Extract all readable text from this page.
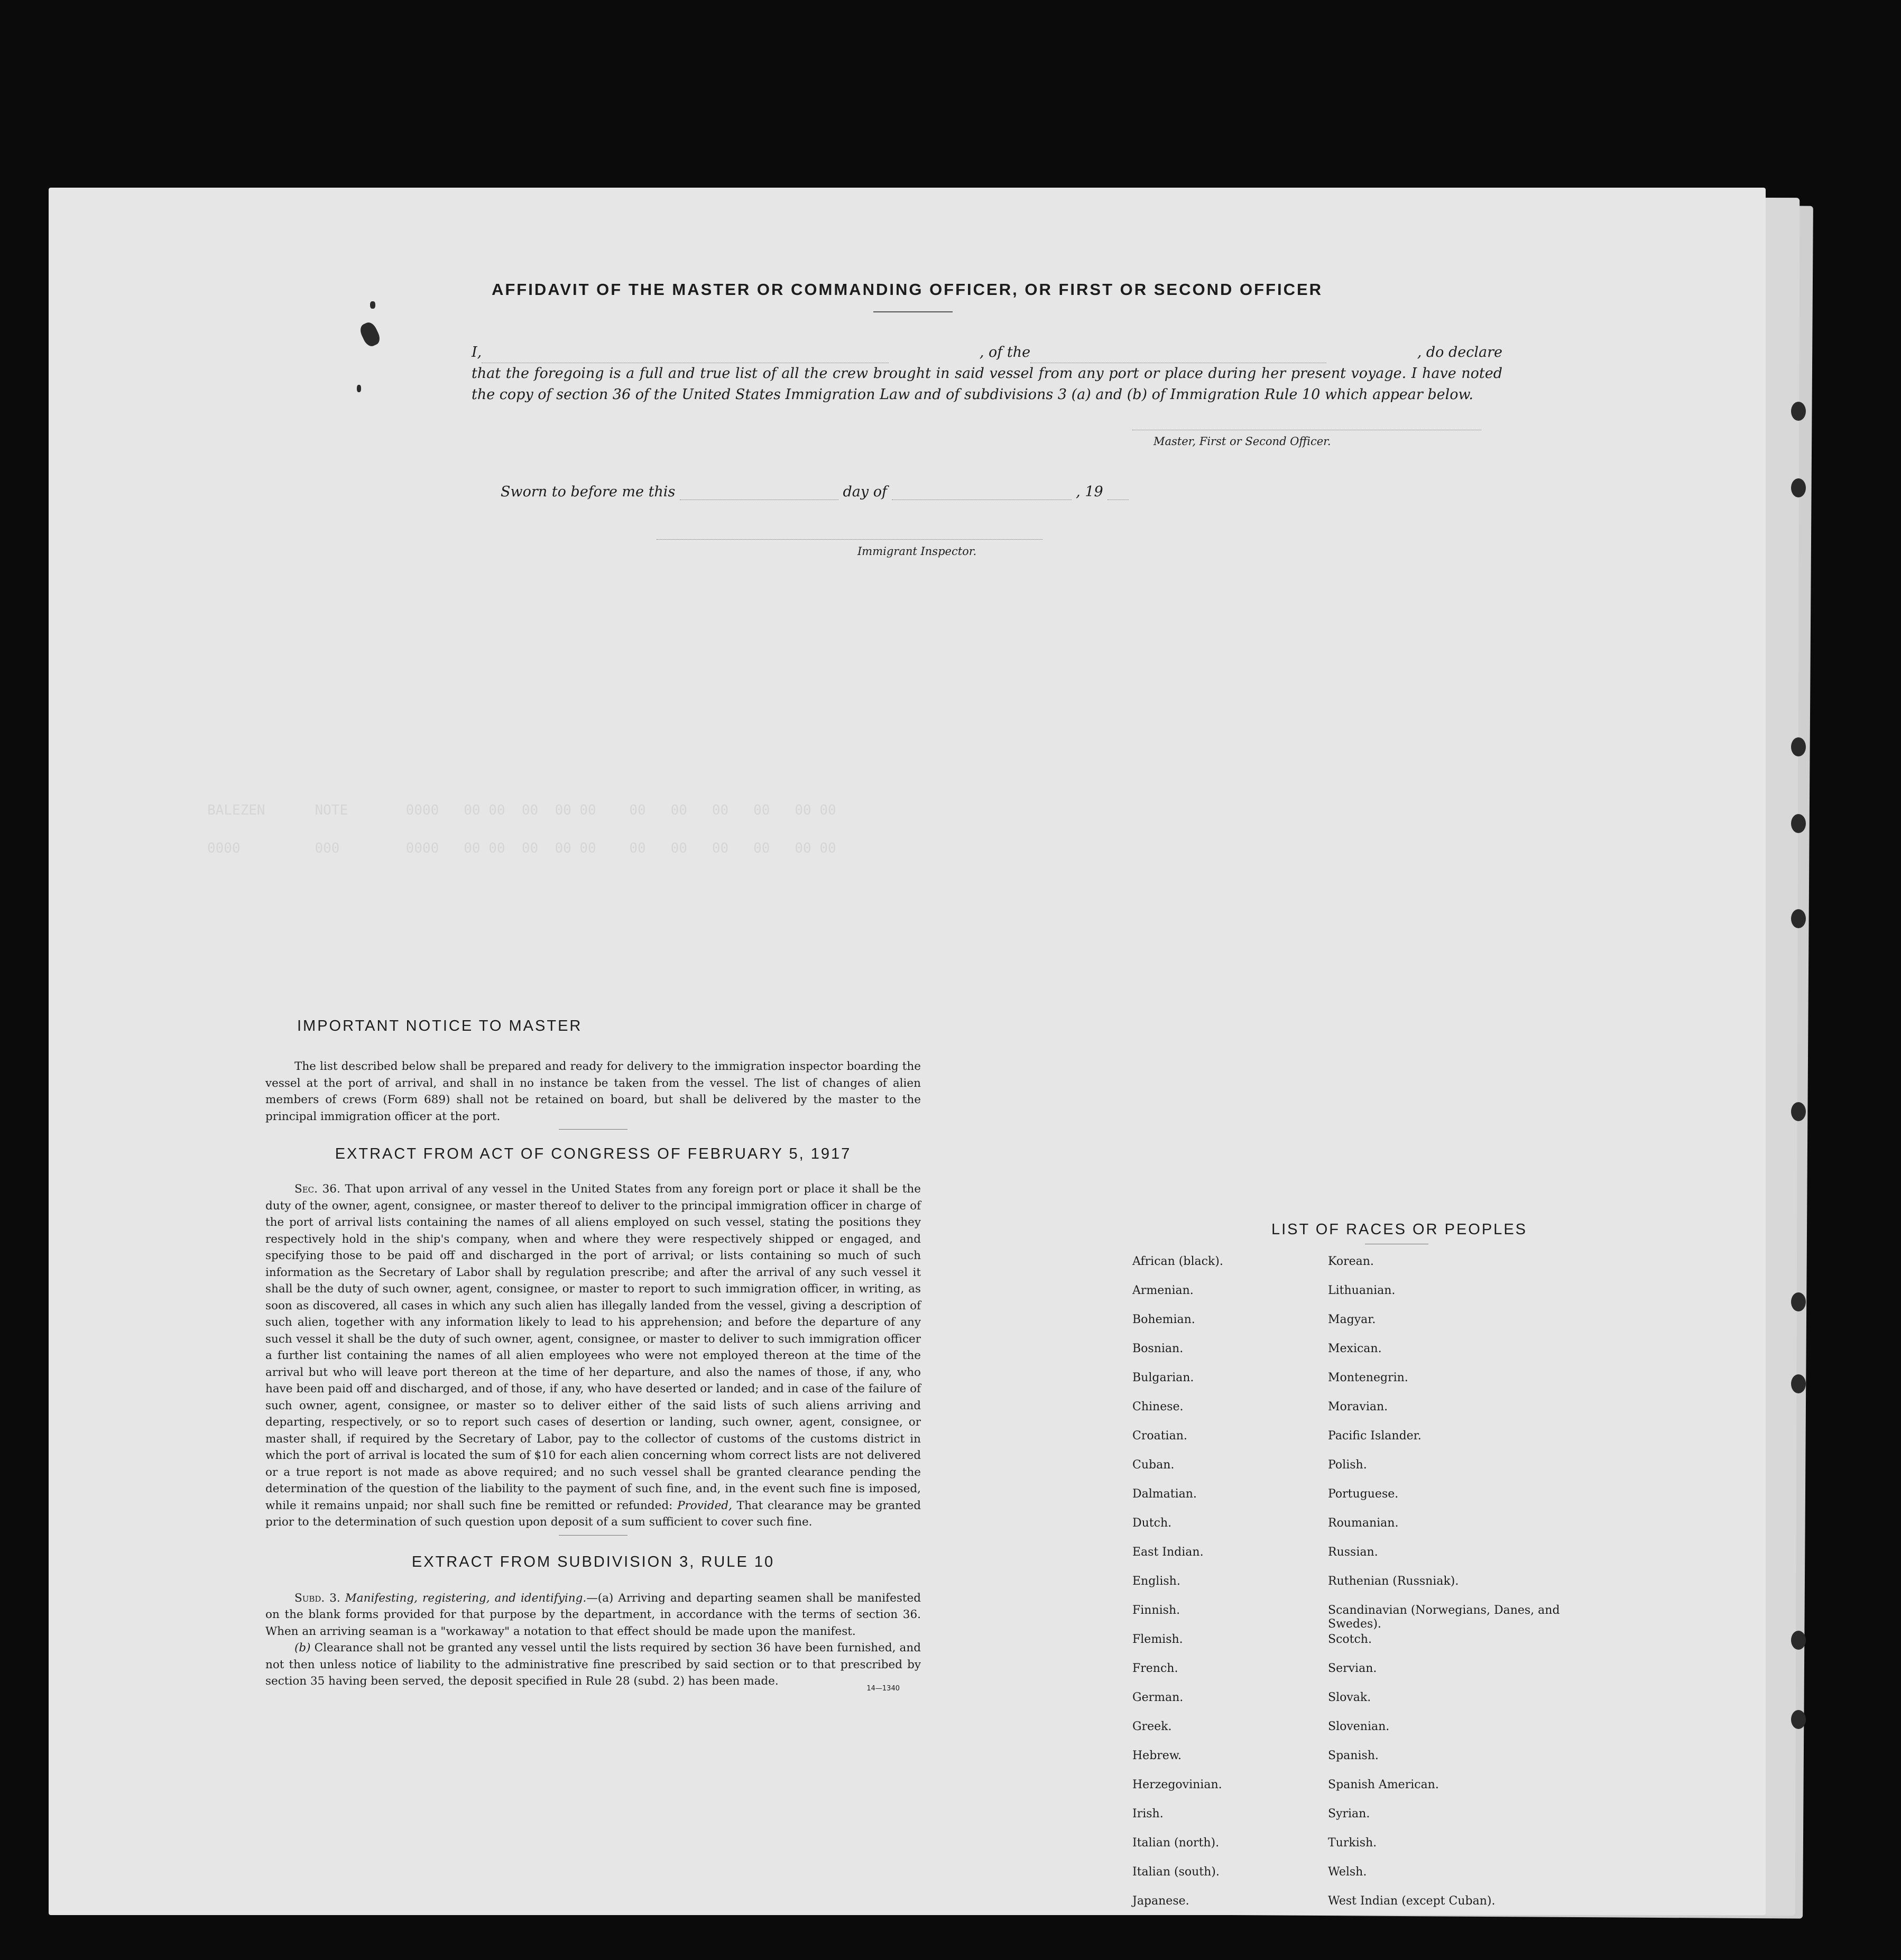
BALEZEN      NOTE       0000   00 00  00  00 00    00   00   00   00   00 00
0000         000        0000   00 00  00  00 00    00   00   00   00   00 00

AFFIDAVIT OF THE MASTER OR COMMANDING OFFICER, OR FIRST OR SECOND OFFICER
I,	, of the	, do declare
that the foregoing is a full and true list of all the crew brought in said vessel from any port or place during her present voyage. I have noted the copy of section 36 of the United States Immigration Law and of subdivisions 3 (a) and (b) of Immigration Rule 10 which appear below.
Master, First or Second Officer.
Sworn to before me this	day of	, 19
Immigrant Inspector.
IMPORTANT NOTICE TO MASTER
The list described below shall be prepared and ready for delivery to the immigration inspector boarding the vessel at the port of arrival, and shall in no instance be taken from the vessel. The list of changes of alien members of crews (Form 689) shall not be retained on board, but shall be delivered by the master to the principal immigration officer at the port.
EXTRACT FROM ACT OF CONGRESS OF FEBRUARY 5, 1917
Sec. 36. That upon arrival of any vessel in the United States from any foreign port or place it shall be the duty of the owner, agent, consignee, or master thereof to deliver to the principal immigration officer in charge of the port of arrival lists containing the names of all aliens employed on such vessel, stating the positions they respectively hold in the ship's company, when and where they were respectively shipped or engaged, and specifying those to be paid off and discharged in the port of arrival; or lists containing so much of such information as the Secretary of Labor shall by regulation prescribe; and after the arrival of any such vessel it shall be the duty of such owner, agent, consignee, or master to report to such immigration officer, in writing, as soon as discovered, all cases in which any such alien has illegally landed from the vessel, giving a description of such alien, together with any information likely to lead to his apprehension; and before the departure of any such vessel it shall be the duty of such owner, agent, consignee, or master to deliver to such immigration officer a further list containing the names of all alien employees who were not employed thereon at the time of the arrival but who will leave port thereon at the time of her departure, and also the names of those, if any, who have been paid off and discharged, and of those, if any, who have deserted or landed; and in case of the failure of such owner, agent, consignee, or master so to deliver either of the said lists of such aliens arriving and departing, respectively, or so to report such cases of desertion or landing, such owner, agent, consignee, or master shall, if required by the Secretary of Labor, pay to the collector of customs of the customs district in which the port of arrival is located the sum of $10 for each alien concerning whom correct lists are not delivered or a true report is not made as above required; and no such vessel shall be granted clearance pending the determination of the question of the liability to the payment of such fine, and, in the event such fine is imposed, while it remains unpaid; nor shall such fine be remitted or refunded: Provided, That clearance may be granted prior to the determination of such question upon deposit of a sum sufficient to cover such fine.
EXTRACT FROM SUBDIVISION 3, RULE 10
Subd. 3. Manifesting, registering, and identifying.—(a) Arriving and departing seamen shall be manifested on the blank forms provided for that purpose by the department, in accordance with the terms of section 36. When an arriving seaman is a "workaway" a notation to that effect should be made upon the manifest.
(b) Clearance shall not be granted any vessel until the lists required by section 36 have been furnished, and not then unless notice of liability to the administrative fine prescribed by said section or to that prescribed by section 35 having been served, the deposit specified in Rule 28 (subd. 2) has been made.
14—1340
LIST OF RACES OR PEOPLES
African (black).	Korean.
Armenian.	Lithuanian.
Bohemian.	Magyar.
Bosnian.	Mexican.
Bulgarian.	Montenegrin.
Chinese.	Moravian.
Croatian.	Pacific Islander.
Cuban.	Polish.
Dalmatian.	Portuguese.
Dutch.	Roumanian.
East Indian.	Russian.
English.	Ruthenian (Russniak).
Finnish.	Scandinavian (Norwegians, Danes, and Swedes).
Flemish.	Scotch.
French.	Servian.
German.	Slovak.
Greek.	Slovenian.
Hebrew.	Spanish.
Herzegovinian.	Spanish American.
Irish.	Syrian.
Italian (north).	Turkish.
Italian (south).	Welsh.
Japanese.	West Indian (except Cuban).
